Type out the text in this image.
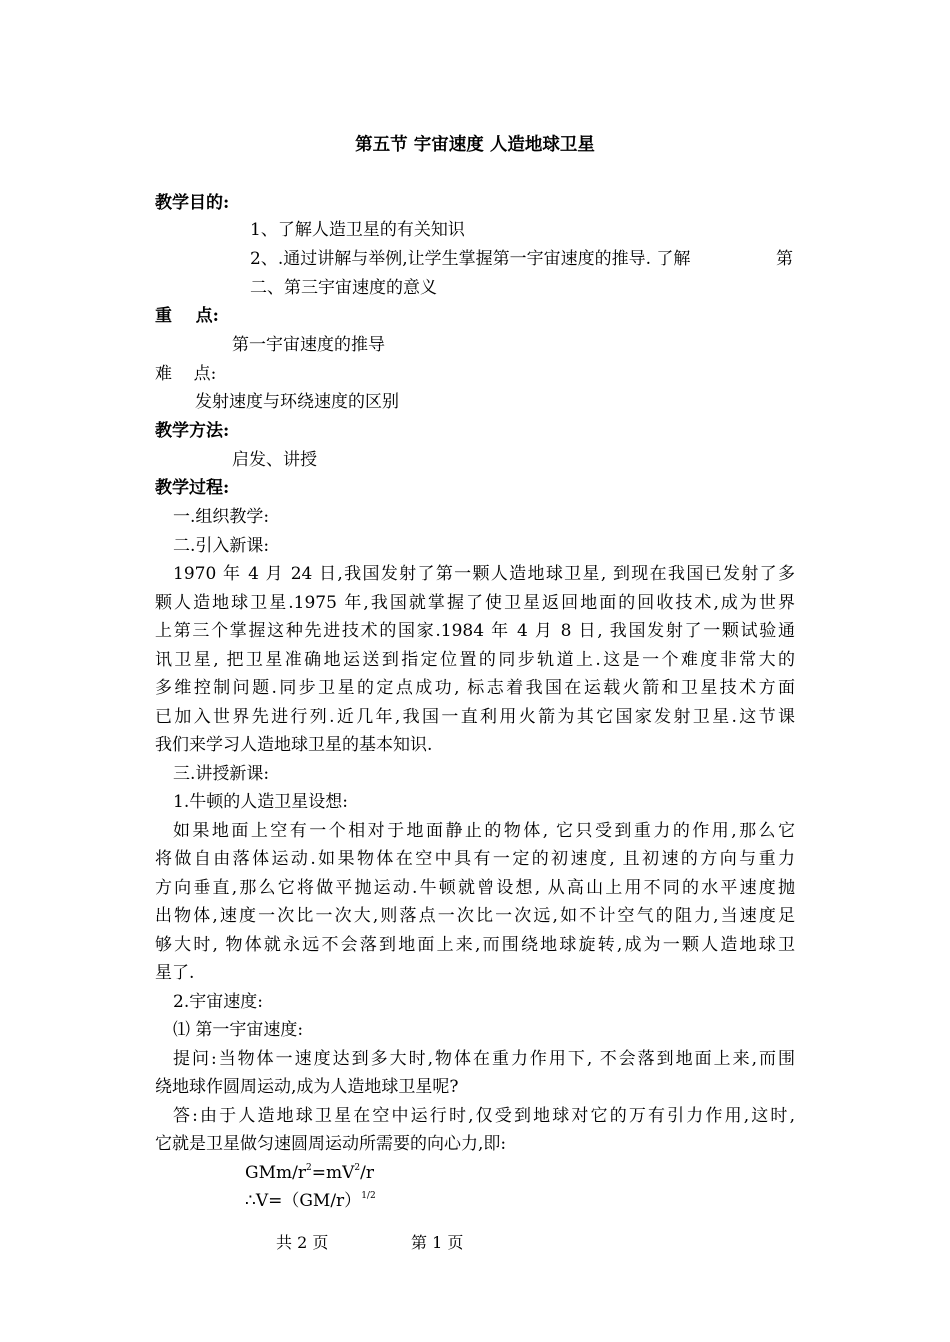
第五节 宇宙速度 人造地球卫星
教学目的:
1、了解人造卫星的有关知识
2、.通过讲解与举例,让学生掌握第一宇宙速度的推导. 了解	第
二、第三宇宙速度的意义
重    点:
第一宇宙速度的推导
难    点:
发射速度与环绕速度的区别
教学方法:
启发、讲授
教学过程:
一.组织教学:
二.引入新课:
1970 年 4 月 24 日,我国发射了第一颗人造地球卫星, 到现在我国已发射了多
颗人造地球卫星.1975 年,我国就掌握了使卫星返回地面的回收技术,成为世界
上第三个掌握这种先进技术的国家.1984 年 4 月 8 日, 我国发射了一颗试验通
讯卫星, 把卫星准确地运送到指定位置的同步轨道上.这是一个难度非常大的
多维控制问题.同步卫星的定点成功, 标志着我国在运载火箭和卫星技术方面
已加入世界先进行列.近几年,我国一直利用火箭为其它国家发射卫星.这节课
我们来学习人造地球卫星的基本知识.
三.讲授新课:
1.牛顿的人造卫星设想:
如果地面上空有一个相对于地面静止的物体, 它只受到重力的作用,那么它
将做自由落体运动.如果物体在空中具有一定的初速度, 且初速的方向与重力
方向垂直,那么它将做平抛运动.牛顿就曾设想, 从高山上用不同的水平速度抛
出物体,速度一次比一次大,则落点一次比一次远,如不计空气的阻力,当速度足
够大时, 物体就永远不会落到地面上来,而围绕地球旋转,成为一颗人造地球卫
星了.
2.宇宙速度:
⑴ 第一宇宙速度:
提问:当物体一速度达到多大时,物体在重力作用下, 不会落到地面上来,而围
绕地球作圆周运动,成为人造地球卫星呢?
答:由于人造地球卫星在空中运行时,仅受到地球对它的万有引力作用,这时,
它就是卫星做匀速圆周运动所需要的向心力,即:
GMm/$r^2=mV^2/r$
$\therefore V=(GM/r)^{1/2}$
共 2 页	第 1 页
